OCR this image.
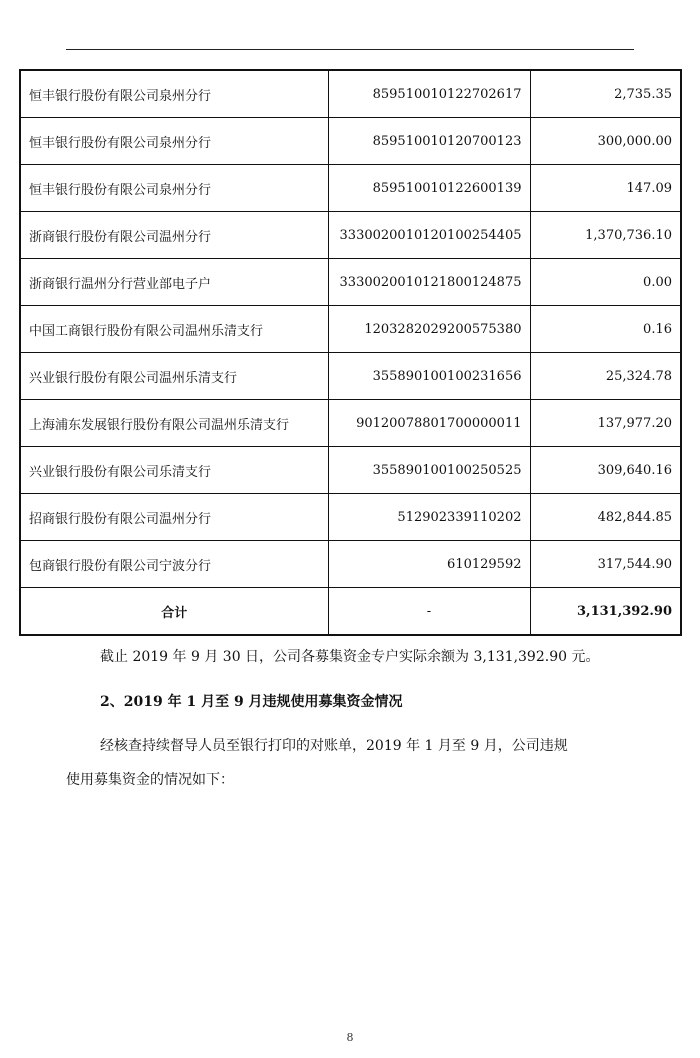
恒丰银行股份有限公司泉州分行	859510010122702617	2,735.35
恒丰银行股份有限公司泉州分行	859510010120700123	300,000.00
恒丰银行股份有限公司泉州分行	859510010122600139	147.09
浙商银行股份有限公司温州分行	3330020010120100254405	1,370,736.10
浙商银行温州分行营业部电子户	3330020010121800124875	0.00
中国工商银行股份有限公司温州乐清支行	1203282029200575380	0.16
兴业银行股份有限公司温州乐清支行	355890100100231656	25,324.78
上海浦东发展银行股份有限公司温州乐清支行	90120078801700000011	137,977.20
兴业银行股份有限公司乐清支行	355890100100250525	309,640.16
招商银行股份有限公司温州分行	512902339110202	482,844.85
包商银行股份有限公司宁波分行	610129592	317,544.90
合计	-	3,131,392.90
截止 2019 年 9 月 30 日，公司各募集资金专户实际余额为 3,131,392.90 元。
2、2019 年 1 月至 9 月违规使用募集资金情况
经核查持续督导人员至银行打印的对账单，2019 年 1 月至 9 月，公司违规
使用募集资金的情况如下：
8
